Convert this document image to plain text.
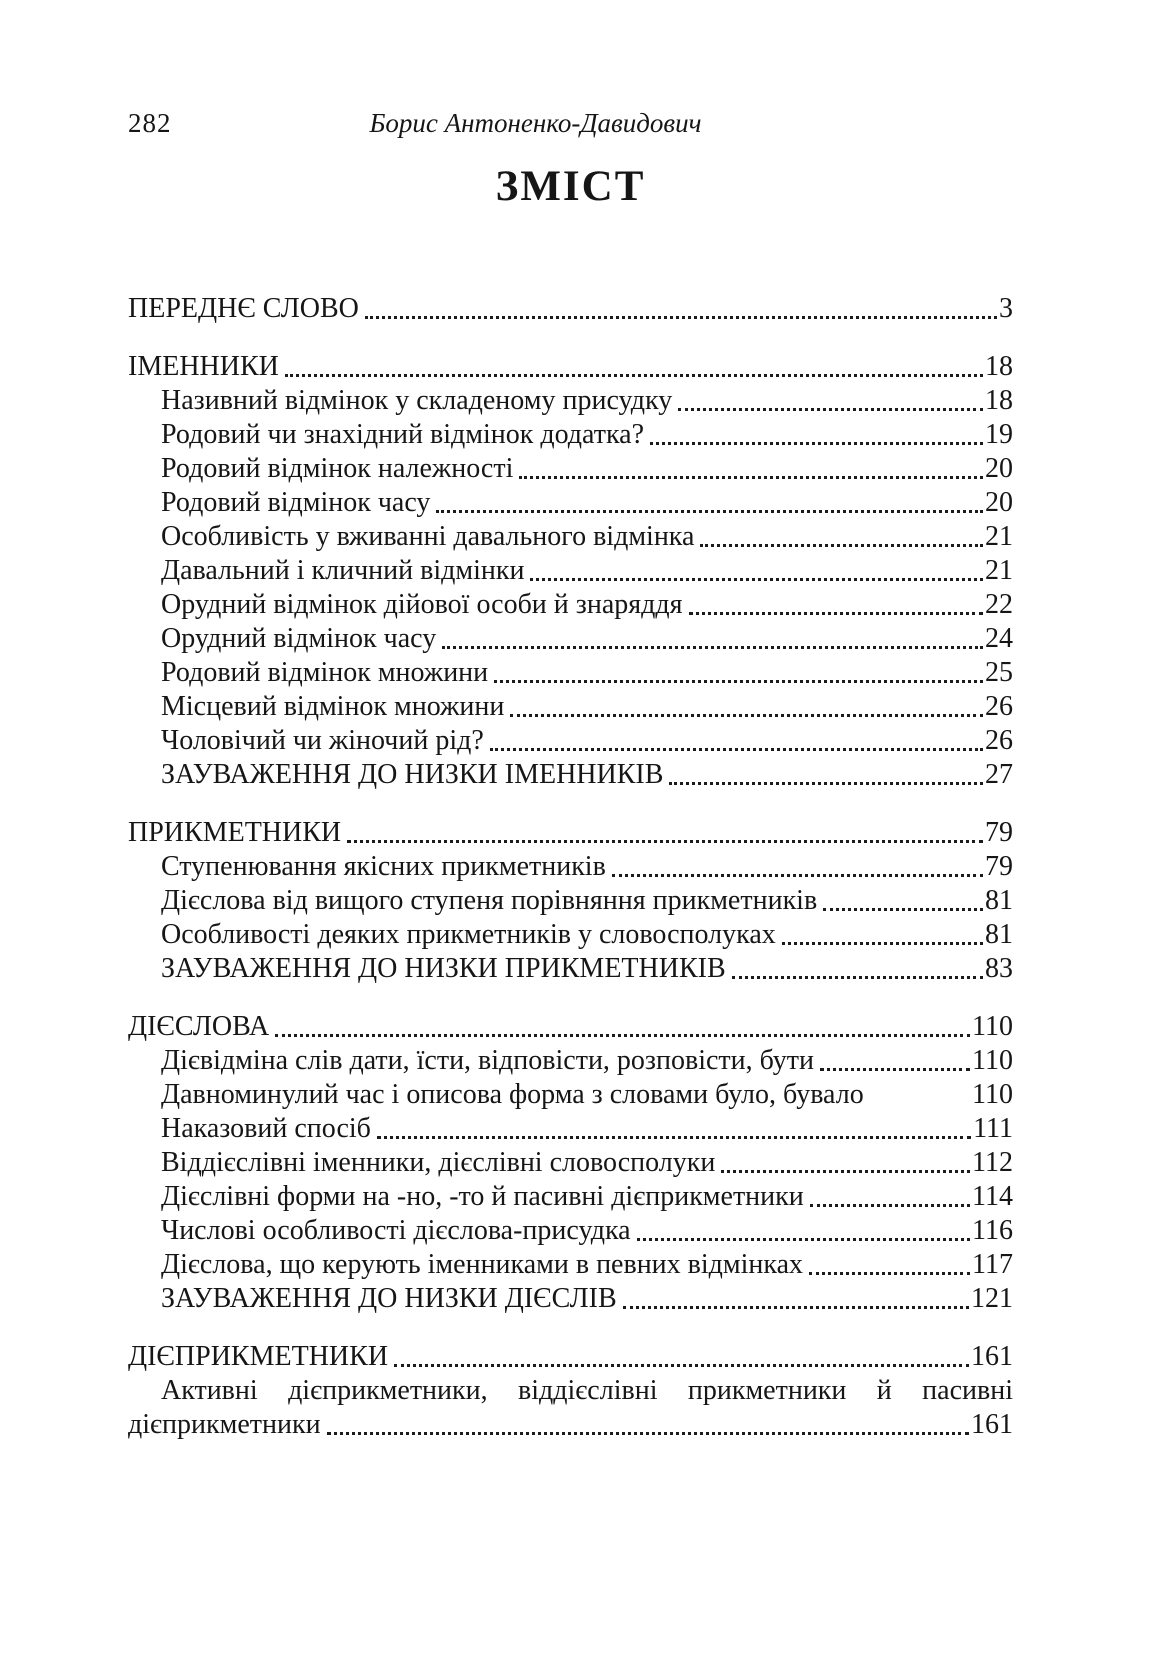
282	Борис Антоненко-Давидович
ЗМІСТ
ПЕРЕДНЄ СЛОВО	3
ІМЕННИКИ	18
Називний відмінок у складеному присудку	18
Родовий чи знахідний відмінок додатка?	19
Родовий відмінок належності	20
Родовий відмінок часу	20
Особливість у вживанні давального відмінка	21
Давальний і кличний відмінки	21
Орудний відмінок дійової особи й знаряддя	22
Орудний відмінок часу	24
Родовий відмінок множини	25
Місцевий відмінок множини	26
Чоловічий чи жіночий рід?	26
ЗАУВАЖЕННЯ ДО НИЗКИ ІМЕННИКІВ	27
ПРИКМЕТНИКИ	79
Ступенювання якісних прикметників	79
Дієслова від вищого ступеня порівняння прикметників	81
Особливості деяких прикметників у словосполуках	81
ЗАУВАЖЕННЯ ДО НИЗКИ ПРИКМЕТНИКІВ	83
ДІЄСЛОВА	110
Дієвідміна слів дати, їсти, відповісти, розповісти, бути	110
Давноминулий час і описова форма з словами було, бувало	110
Наказовий спосіб	111
Віддієслівні іменники, дієслівні словосполуки	112
Дієслівні форми на -но, -то й пасивні дієприкметники	114
Числові особливості дієслова-присудка	116
Дієслова, що керують іменниками в певних відмінках	117
ЗАУВАЖЕННЯ ДО НИЗКИ ДІЄСЛІВ	121
ДІЄПРИКМЕТНИКИ	161
Активні дієприкметники, віддієслівні прикметники й пасивні
дієприкметники	161
